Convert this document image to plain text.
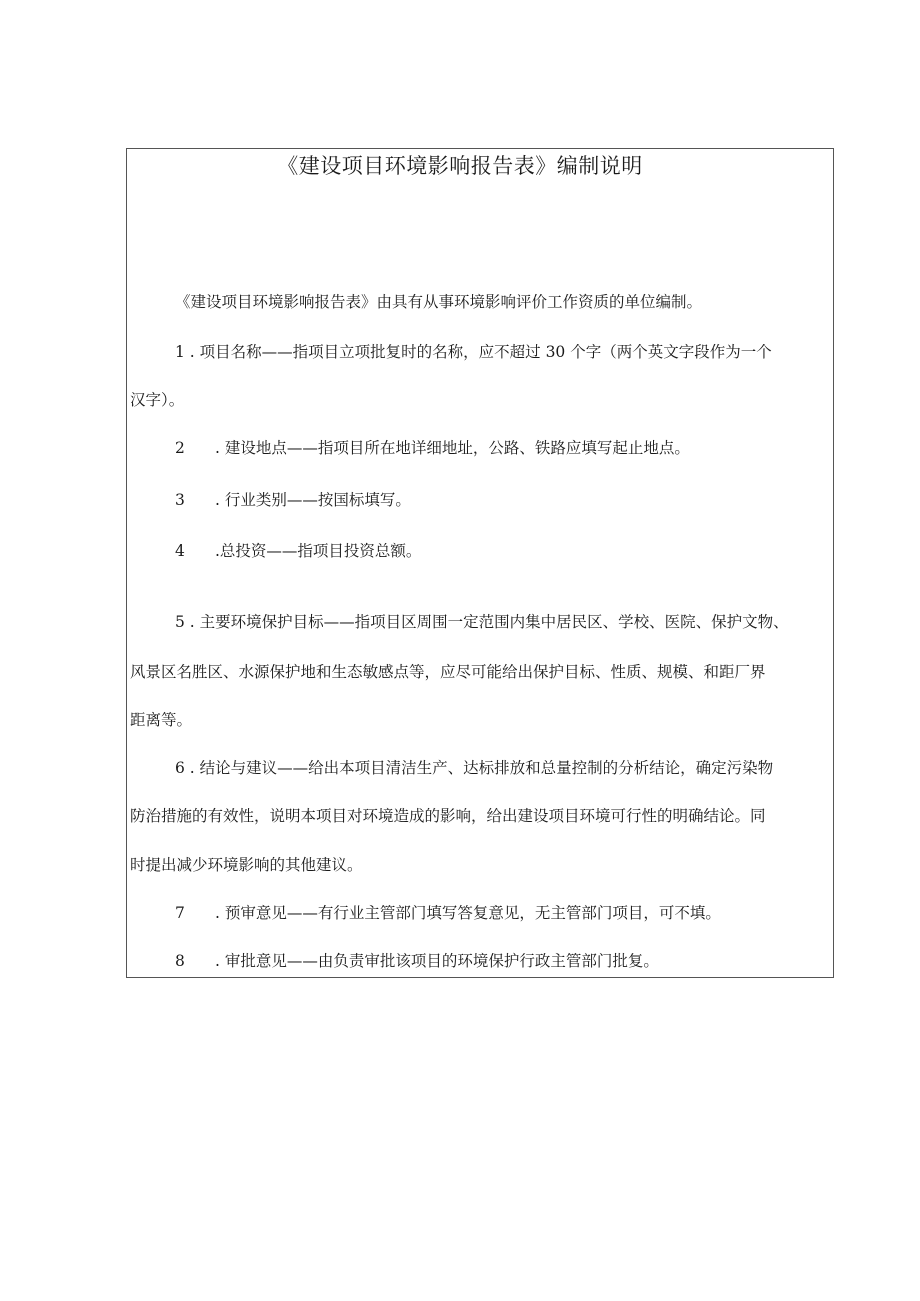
《建设项目环境影响报告表》编制说明
《建设项目环境影响报告表》由具有从事环境影响评价工作资质的单位编制。
1 . 项目名称——指项目立项批复时的名称，应不超过 30 个字（两个英文字段作为一个
汉字）。
2 . 建设地点——指项目所在地详细地址，公路、铁路应填写起止地点。
3 . 行业类别——按国标填写。
4 .总投资——指项目投资总额。
5 . 主要环境保护目标——指项目区周围一定范围内集中居民区、学校、医院、保护文物、
风景区名胜区、水源保护地和生态敏感点等，应尽可能给出保护目标、性质、规模、和距厂界
距离等。
6 . 结论与建议——给出本项目清洁生产、达标排放和总量控制的分析结论，确定污染物
防治措施的有效性，说明本项目对环境造成的影响，给出建设项目环境可行性的明确结论。同
时提出减少环境影响的其他建议。
7 . 预审意见——有行业主管部门填写答复意见，无主管部门项目，可不填。
8 . 审批意见——由负责审批该项目的环境保护行政主管部门批复。
